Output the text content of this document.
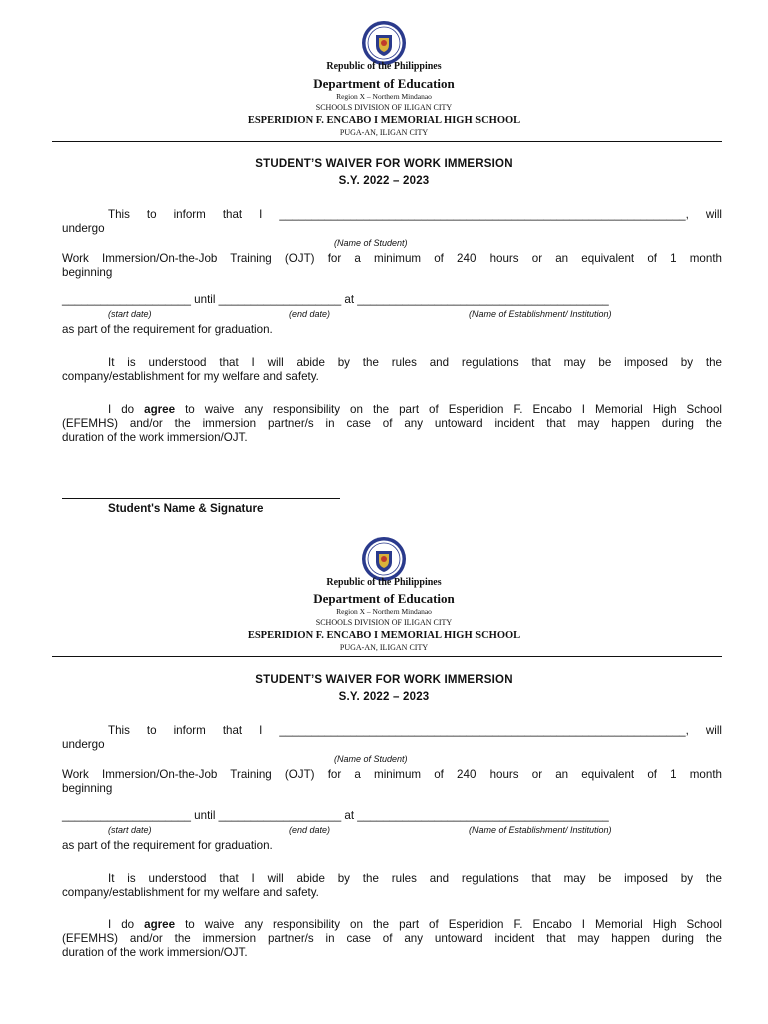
Republic of the Philippines
Department of Education
Region X – Northern Mindanao
SCHOOLS DIVISION OF ILIGAN CITY
ESPERIDION F. ENCABO I MEMORIAL HIGH SCHOOL
PUGA-AN, ILIGAN CITY
STUDENT’S WAIVER FOR WORK IMMERSION
S.Y. 2022 – 2023
This to inform that I _______________________________________________________________, will
undergo
(Name of Student)
Work Immersion/On-the-Job Training (OJT) for a minimum of 240 hours or an equivalent of 1 month
beginning
____________________ until ___________________ at _______________________________________
(start date)	(end date)	(Name of Establishment/ Institution)
as part of the requirement for graduation.
It is understood that I will abide by the rules and regulations that may be imposed by the
company/establishment for my welfare and safety.
I do agree to waive any responsibility on the part of Esperidion F. Encabo I Memorial High School
(EFEMHS) and/or the immersion partner/s in case of any untoward incident that may happen during the
duration of the work immersion/OJT.
Student's Name & Signature
Republic of the Philippines
Department of Education
Region X – Northern Mindanao
SCHOOLS DIVISION OF ILIGAN CITY
ESPERIDION F. ENCABO I MEMORIAL HIGH SCHOOL
PUGA-AN, ILIGAN CITY
STUDENT’S WAIVER FOR WORK IMMERSION
S.Y. 2022 – 2023
This to inform that I _______________________________________________________________, will
undergo
(Name of Student)
Work Immersion/On-the-Job Training (OJT) for a minimum of 240 hours or an equivalent of 1 month
beginning
____________________ until ___________________ at _______________________________________
(start date)	(end date)	(Name of Establishment/ Institution)
as part of the requirement for graduation.
It is understood that I will abide by the rules and regulations that may be imposed by the
company/establishment for my welfare and safety.
I do agree to waive any responsibility on the part of Esperidion F. Encabo I Memorial High School
(EFEMHS) and/or the immersion partner/s in case of any untoward incident that may happen during the
duration of the work immersion/OJT.
